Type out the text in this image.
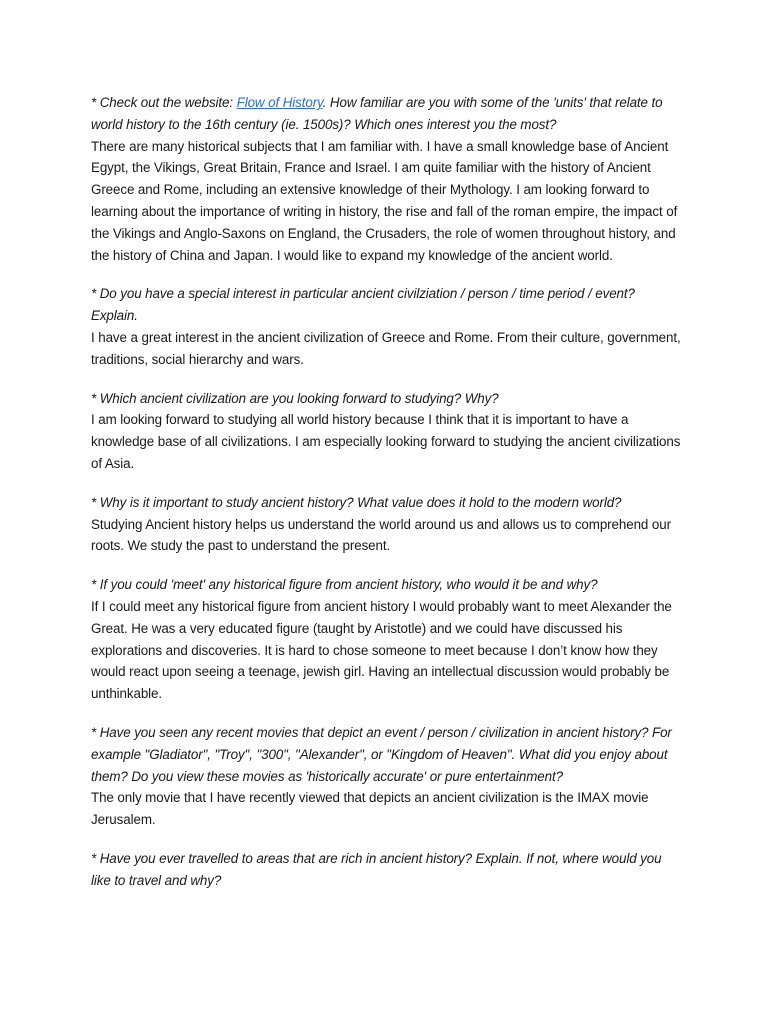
* Check out the website: Flow of History. How familiar are you with some of the 'units' that relate to world history to the 16th century (ie. 1500s)? Which ones interest you the most?
There are many historical subjects that I am familiar with. I have a small knowledge base of Ancient Egypt, the Vikings, Great Britain, France and Israel. I am quite familiar with the history of Ancient Greece and Rome, including an extensive knowledge of their Mythology. I am looking forward to learning about the importance of writing in history, the rise and fall of the roman empire, the impact of the Vikings and Anglo-Saxons on England, the Crusaders, the role of women throughout history, and the history of China and Japan. I would like to expand my knowledge of the ancient world.
* Do you have a special interest in particular ancient civilziation / person / time period / event? Explain.
I have a great interest in the ancient civilization of Greece and Rome. From their culture, government, traditions, social hierarchy and wars.
* Which ancient civilization are you looking forward to studying? Why?
I am looking forward to studying all world history because I think that it is important to have a knowledge base of all civilizations. I am especially looking forward to studying the ancient civilizations of Asia.
* Why is it important to study ancient history? What value does it hold to the modern world?
Studying Ancient history helps us understand the world around us and allows us to comprehend our roots. We study the past to understand the present.
* If you could 'meet' any historical figure from ancient history, who would it be and why?
If I could meet any historical figure from ancient history I would probably want to meet Alexander the Great. He was a very educated figure (taught by Aristotle) and we could have discussed his explorations and discoveries. It is hard to chose someone to meet because I don’t know how they would react upon seeing a teenage, jewish girl. Having an intellectual discussion would probably be unthinkable.
* Have you seen any recent movies that depict an event / person / civilization in ancient history? For example "Gladiator", "Troy", "300", "Alexander", or "Kingdom of Heaven". What did you enjoy about them? Do you view these movies as 'historically accurate' or pure entertainment?
The only movie that I have recently viewed that depicts an ancient civilization is the IMAX movie Jerusalem.
* Have you ever travelled to areas that are rich in ancient history? Explain. If not, where would you like to travel and why?
